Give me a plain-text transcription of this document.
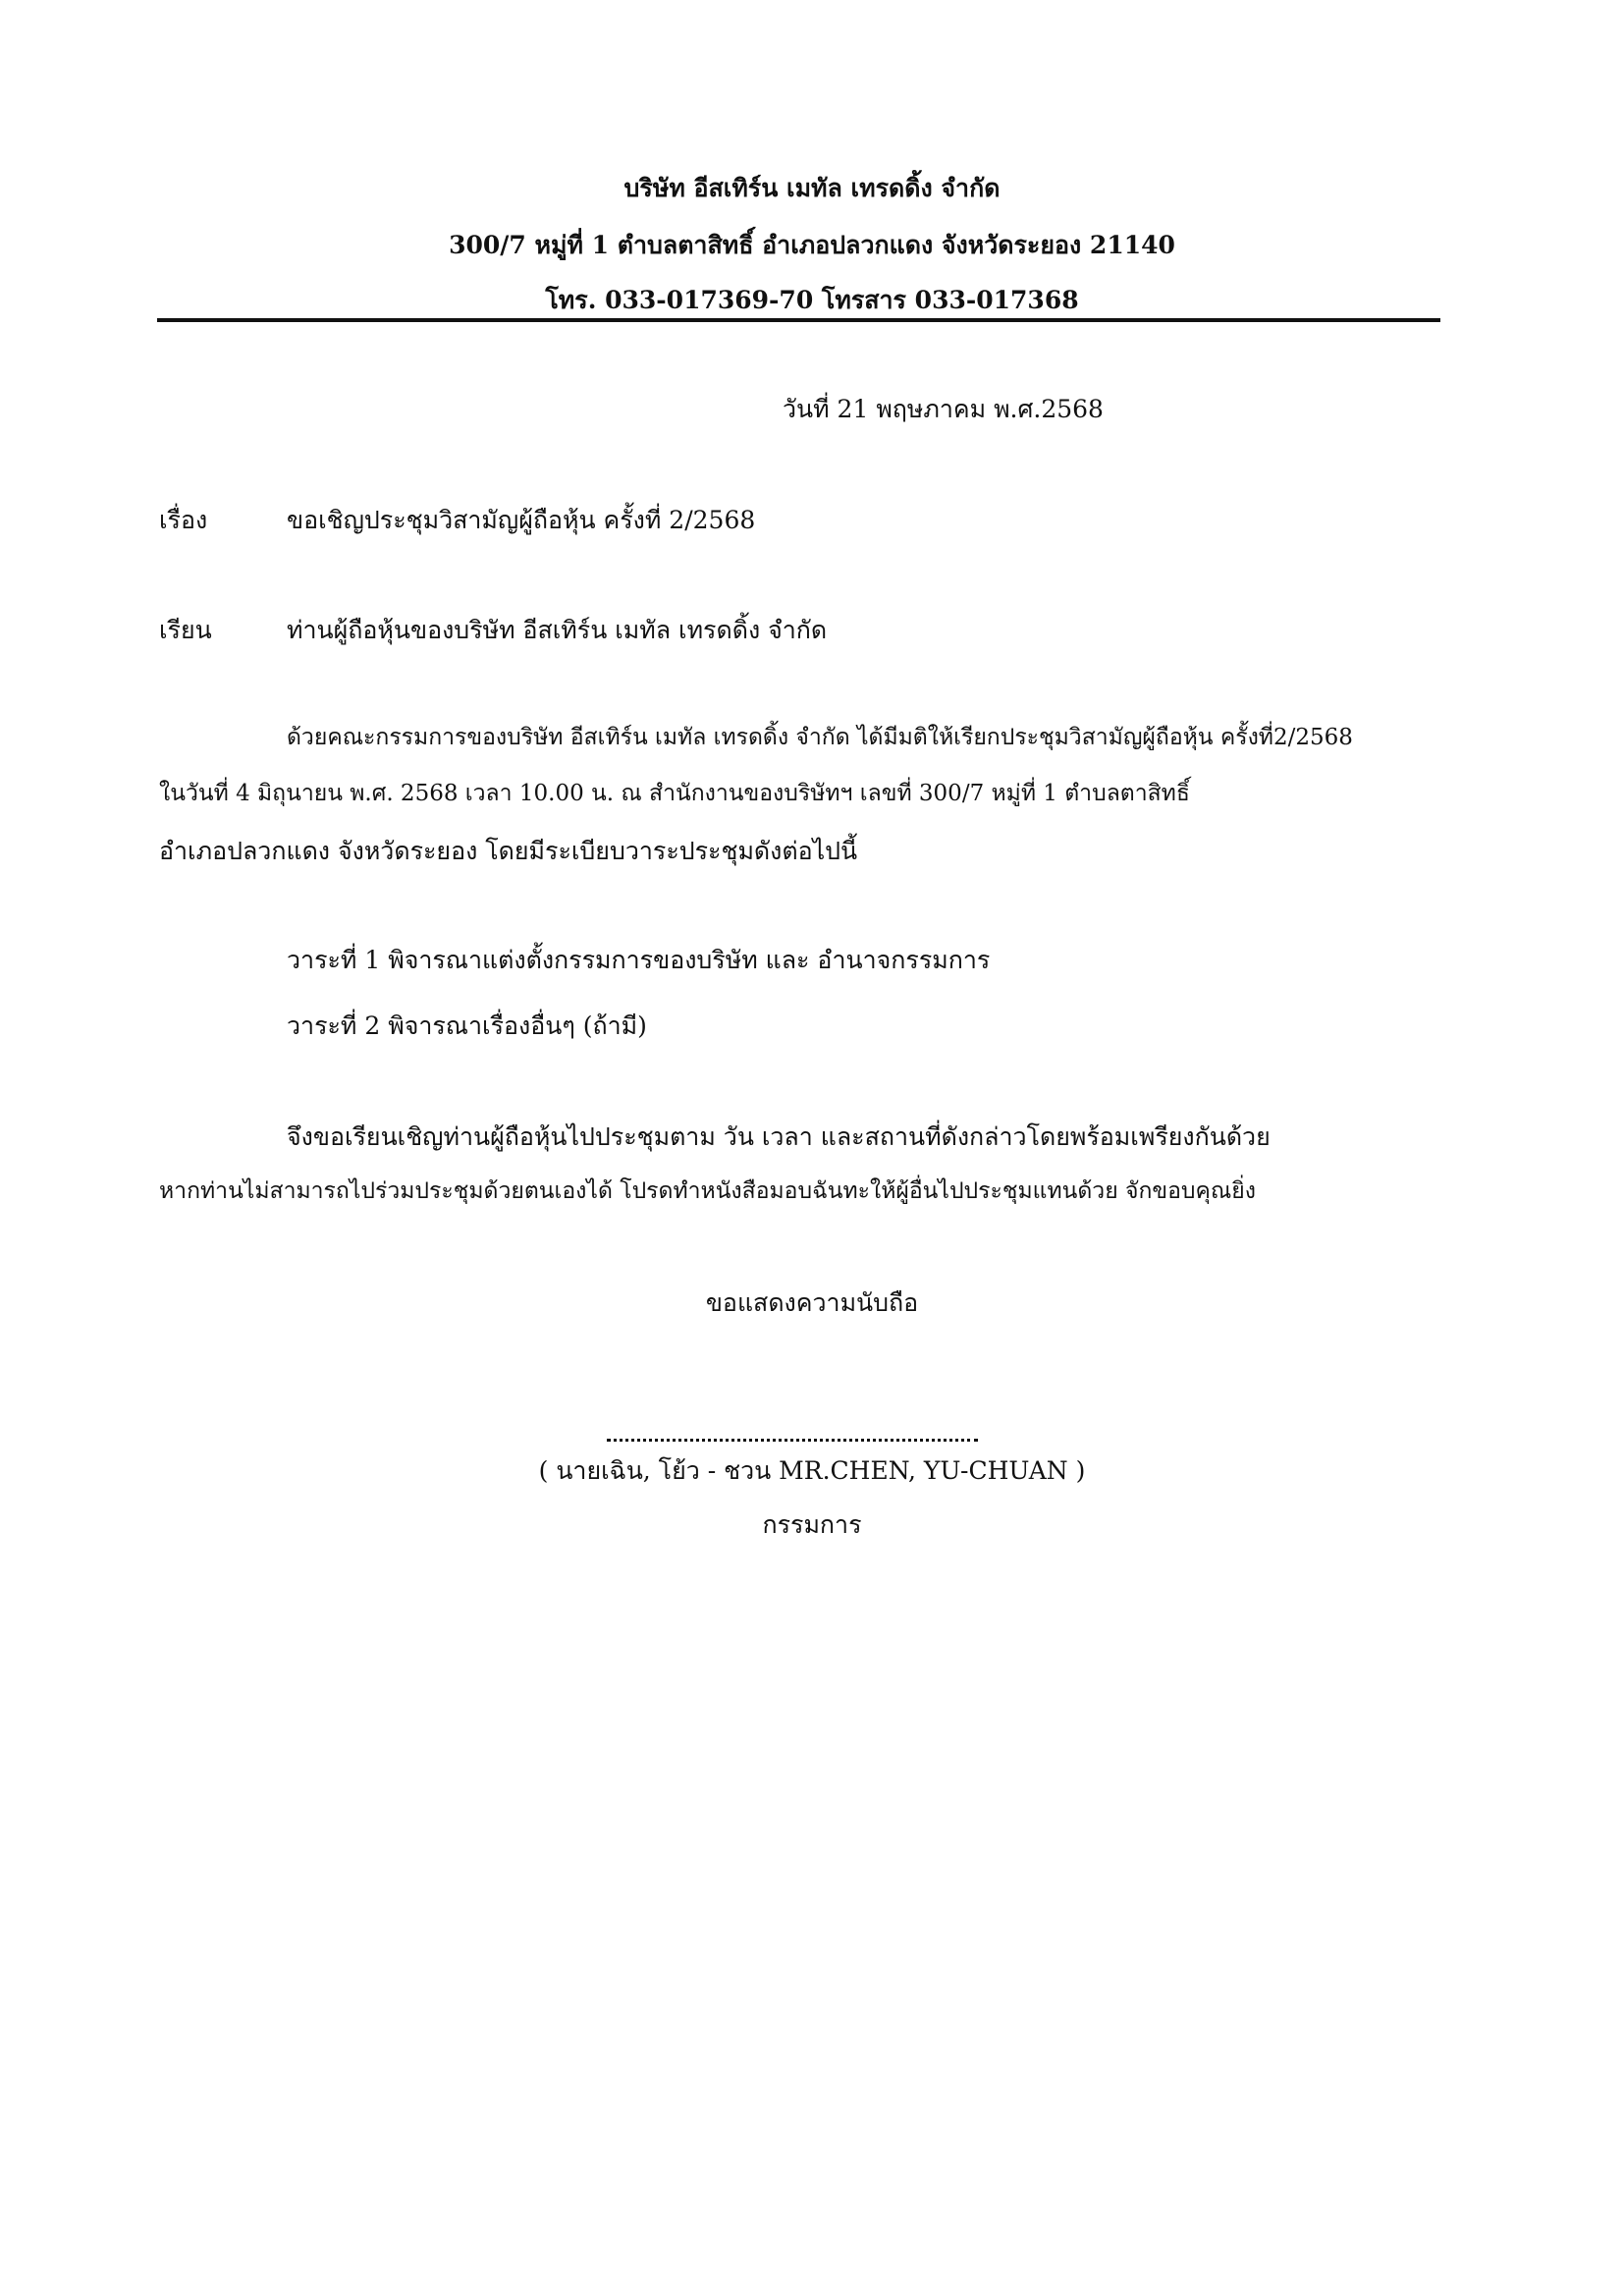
บริษัท อีสเทิร์น เมทัล เทรดดิ้ง จำกัด
300/7 หมู่ที่ 1 ตำบลตาสิทธิ์ อำเภอปลวกแดง จังหวัดระยอง 21140
โทร. 033-017369-70 โทรสาร 033-017368
วันที่ 21 พฤษภาคม พ.ศ.2568
เรื่อง	ขอเชิญประชุมวิสามัญผู้ถือหุ้น ครั้งที่ 2/2568
เรียน	ท่านผู้ถือหุ้นของบริษัท อีสเทิร์น เมทัล เทรดดิ้ง จำกัด
ด้วยคณะกรรมการของบริษัท อีสเทิร์น เมทัล เทรดดิ้ง จำกัด ได้มีมติให้เรียกประชุมวิสามัญผู้ถือหุ้น ครั้งที่2/2568
ในวันที่ 4 มิถุนายน พ.ศ. 2568 เวลา 10.00 น. ณ สำนักงานของบริษัทฯ เลขที่ 300/7 หมู่ที่ 1 ตำบลตาสิทธิ์
อำเภอปลวกแดง จังหวัดระยอง โดยมีระเบียบวาระประชุมดังต่อไปนี้
วาระที่ 1 พิจารณาแต่งตั้งกรรมการของบริษัท และ อำนาจกรรมการ
วาระที่ 2 พิจารณาเรื่องอื่นๆ (ถ้ามี)
จึงขอเรียนเชิญท่านผู้ถือหุ้นไปประชุมตาม วัน เวลา และสถานที่ดังกล่าวโดยพร้อมเพรียงกันด้วย
หากท่านไม่สามารถไปร่วมประชุมด้วยตนเองได้ โปรดทำหนังสือมอบฉันทะให้ผู้อื่นไปประชุมแทนด้วย จักขอบคุณยิ่ง
ขอแสดงความนับถือ
( นายเฉิน, โย้ว - ชวน MR.CHEN, YU-CHUAN )
กรรมการ
